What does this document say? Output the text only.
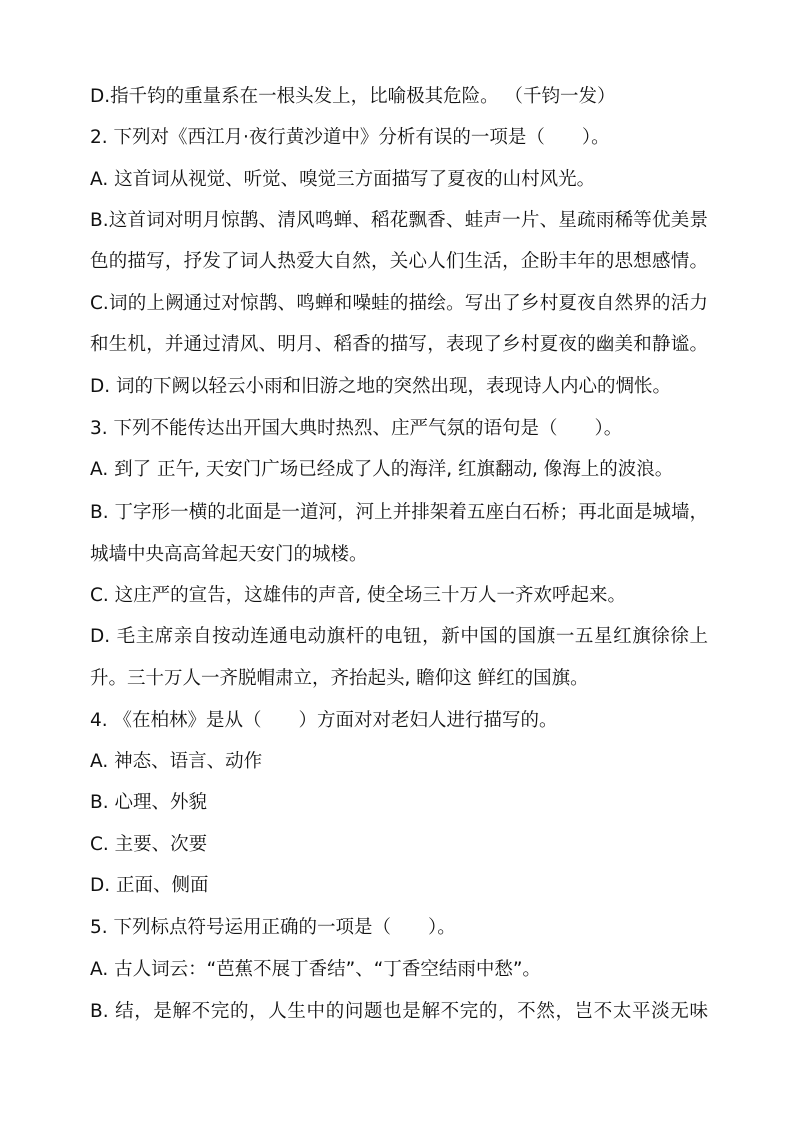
D.指千钧的重量系在一根头发上，比喻极其危险。 （千钧一发）
2. 下列对《西江月·夜行黄沙道中》分析有误的一项是（　　）。
A. 这首词从视觉、听觉、嗅觉三方面描写了夏夜的山村风光。
B.这首词对明月惊鹊、清风鸣蝉、稻花飘香、蛙声一片、星疏雨稀等优美景
色的描写，抒发了词人热爱大自然，关心人们生活，企盼丰年的思想感情。
C.词的上阙通过对惊鹊、鸣蝉和噪蛙的描绘。写出了乡村夏夜自然界的活力
和生机，并通过清风、明月、稻香的描写，表现了乡村夏夜的幽美和静谧。
D. 词的下阙以轻云小雨和旧游之地的突然出现，表现诗人内心的惆怅。
3. 下列不能传达出开国大典时热烈、庄严气氛的语句是（　　）。
A. 到了 正午, 天安门广场已经成了人的海洋, 红旗翻动, 像海上的波浪。
B. 丁字形一横的北面是一道河，河上并排架着五座白石桥；再北面是城墙，
城墙中央高高耸起天安门的城楼。
C. 这庄严的宣告，这雄伟的声音, 使全场三十万人一齐欢呼起来。
D. 毛主席亲自按动连通电动旗杆的电钮，新中国的国旗一五星红旗徐徐上
升。三十万人一齐脱帽肃立，齐抬起头, 瞻仰这 鲜红的国旗。
4. 《在柏林》是从（　　）方面对对老妇人进行描写的。
A. 神态、语言、动作
B. 心理、外貌
C. 主要、次要
D. 正面、侧面
5. 下列标点符号运用正确的一项是（　　）。
A. 古人词云：“芭蕉不展丁香结”、“丁香空结雨中愁”。
B. 结，是解不完的，人生中的问题也是解不完的，不然，岂不太平淡无味
